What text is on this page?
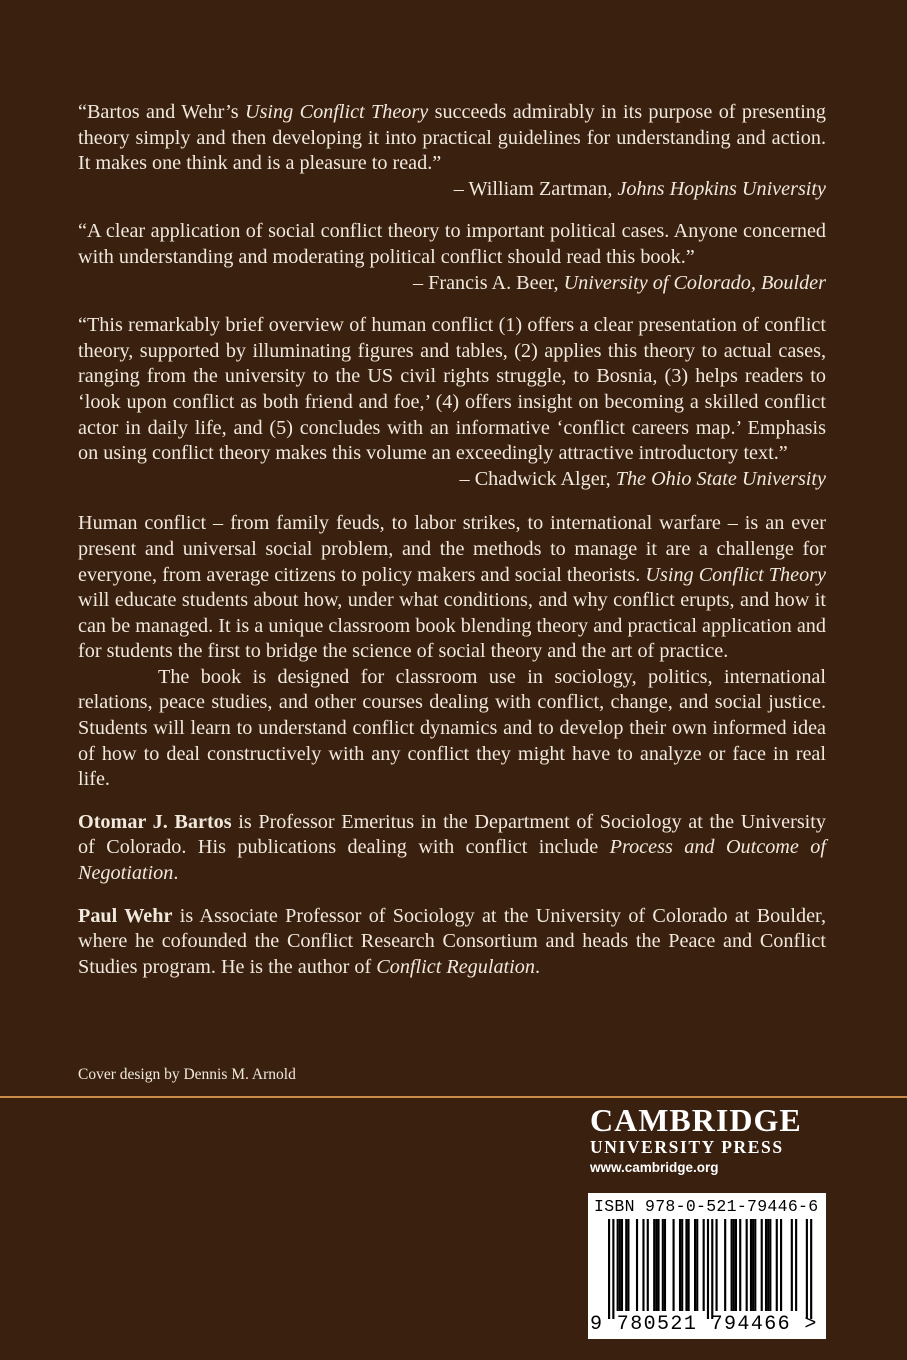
“Bartos and Wehr’s Using Conflict Theory succeeds admirably in its purpose of presenting theory simply and then developing it into practical guidelines for understanding and action. It makes one think and is a pleasure to read.”

– William Zartman, Johns Hopkins University

“A clear application of social conflict theory to important political cases. Anyone concerned with understanding and moderating political conflict should read this book.”

– Francis A. Beer, University of Colorado, Boulder

“This remarkably brief overview of human conflict (1) offers a clear presentation of conflict theory, supported by illuminating figures and tables, (2) applies this theory to actual cases, ranging from the university to the US civil rights struggle, to Bosnia, (3) helps readers to ‘look upon conflict as both friend and foe,’ (4) offers insight on becoming a skilled conflict actor in daily life, and (5) concludes with an informative ‘conflict careers map.’ Emphasis on using conflict theory makes this volume an exceedingly attractive introductory text.”

– Chadwick Alger, The Ohio State University

Human conflict – from family feuds, to labor strikes, to international warfare – is an ever present and universal social problem, and the methods to manage it are a challenge for everyone, from average citizens to policy makers and social theorists. Using Conflict Theory will educate students about how, under what conditions, and why conflict erupts, and how it can be managed. It is a unique classroom book blending theory and practical application and for students the first to bridge the science of social theory and the art of practice.

The book is designed for classroom use in sociology, politics, international relations, peace studies, and other courses dealing with conflict, change, and social justice. Students will learn to understand conflict dynamics and to develop their own informed idea of how to deal constructively with any conflict they might have to analyze or face in real life.

Otomar J. Bartos is Professor Emeritus in the Department of Sociology at the University of Colorado. His publications dealing with conflict include Process and Outcome of Negotiation.

Paul Wehr is Associate Professor of Sociology at the University of Colorado at Boulder, where he cofounded the Conflict Research Consortium and heads the Peace and Conflict Studies program. He is the author of Conflict Regulation.

Cover design by Dennis M. Arnold
CAMBRIDGE
UNIVERSITY PRESS
www.cambridge.org
ISBN 978-0-521-79446-6
9 780521 794466 >
